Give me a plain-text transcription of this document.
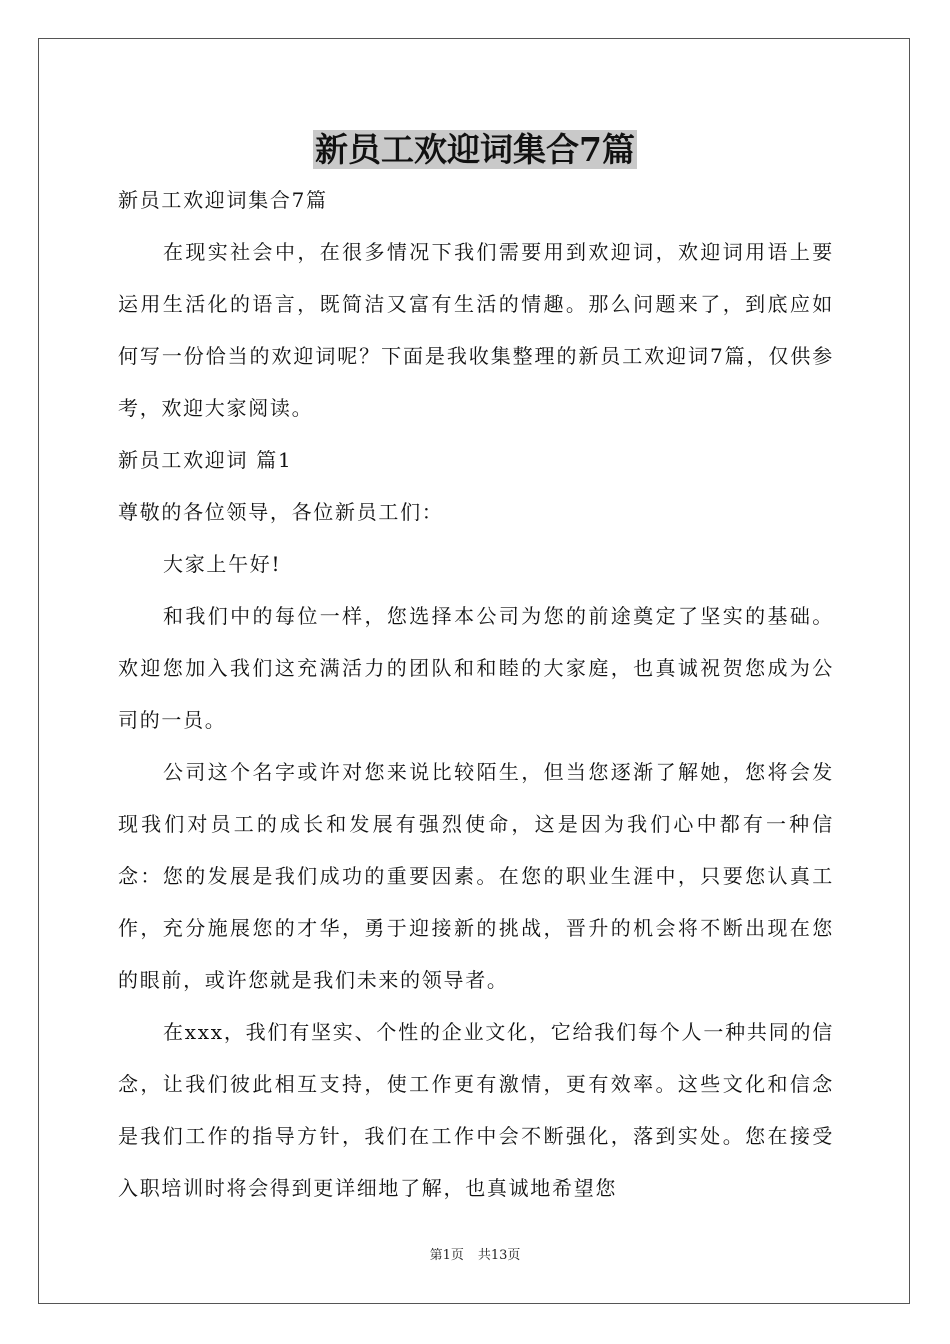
新员工欢迎词集合7篇

新员工欢迎词集合7篇

在现实社会中，在很多情况下我们需要用到欢迎词，欢迎词用语上要运用生活化的语言，既简洁又富有生活的情趣。那么问题来了，到底应如何写一份恰当的欢迎词呢？下面是我收集整理的新员工欢迎词7篇，仅供参考，欢迎大家阅读。

新员工欢迎词 篇1

尊敬的各位领导，各位新员工们：

大家上午好!

和我们中的每位一样，您选择本公司为您的前途奠定了坚实的基础。欢迎您加入我们这充满活力的团队和和睦的大家庭，也真诚祝贺您成为公司的一员。

公司这个名字或许对您来说比较陌生，但当您逐渐了解她，您将会发现我们对员工的成长和发展有强烈使命，这是因为我们心中都有一种信念：您的发展是我们成功的重要因素。在您的职业生涯中，只要您认真工作，充分施展您的才华，勇于迎接新的挑战，晋升的机会将不断出现在您的眼前，或许您就是我们未来的领导者。

在xxx，我们有坚实、个性的企业文化，它给我们每个人一种共同的信念，让我们彼此相互支持，使工作更有激情，更有效率。这些文化和信念是我们工作的指导方针，我们在工作中会不断强化，落到实处。您在接受入职培训时将会得到更详细地了解，也真诚地希望您

第1页 共13页
